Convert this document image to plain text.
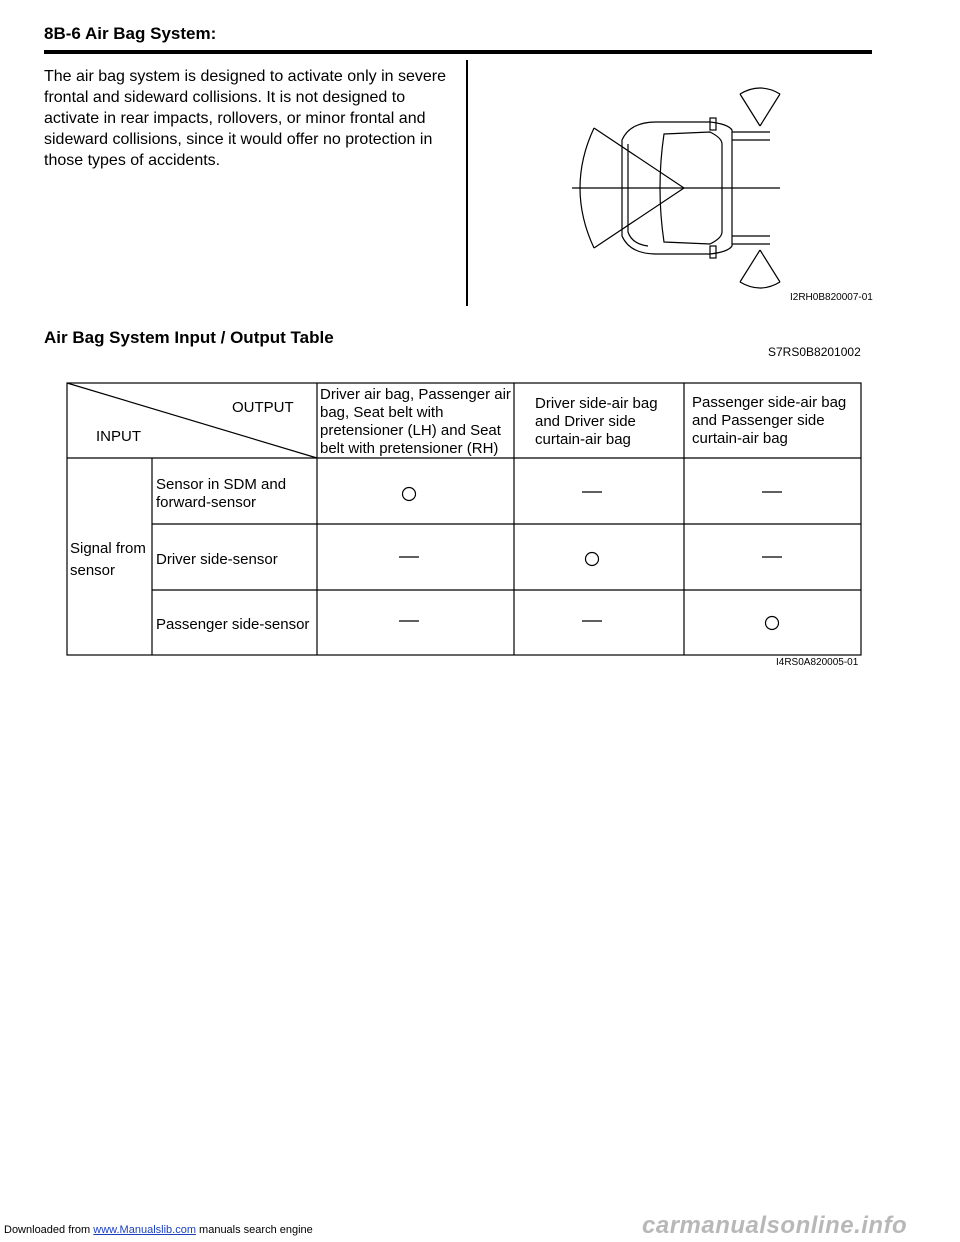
8B-6 Air Bag System:
The air bag system is designed to activate only in severe frontal and sideward collisions. It is not designed to activate in rear impacts, rollovers, or minor frontal and sideward collisions, since it would offer no protection in those types of accidents.
I2RH0B820007-01
Air Bag System Input / Output Table
S7RS0B8201002
OUTPUT
INPUT
Driver air bag, Passenger air bag, Seat belt with pretensioner (LH) and Seat belt with pretensioner (RH)
Driver side-air bag and Driver side curtain-air bag
Passenger side-air bag and Passenger side curtain-air bag
Signal from sensor
Sensor in SDM and forward-sensor
Driver side-sensor
Passenger side-sensor
I4RS0A820005-01
Downloaded from www.Manualslib.com manuals search engine	carmanualsonline.info
